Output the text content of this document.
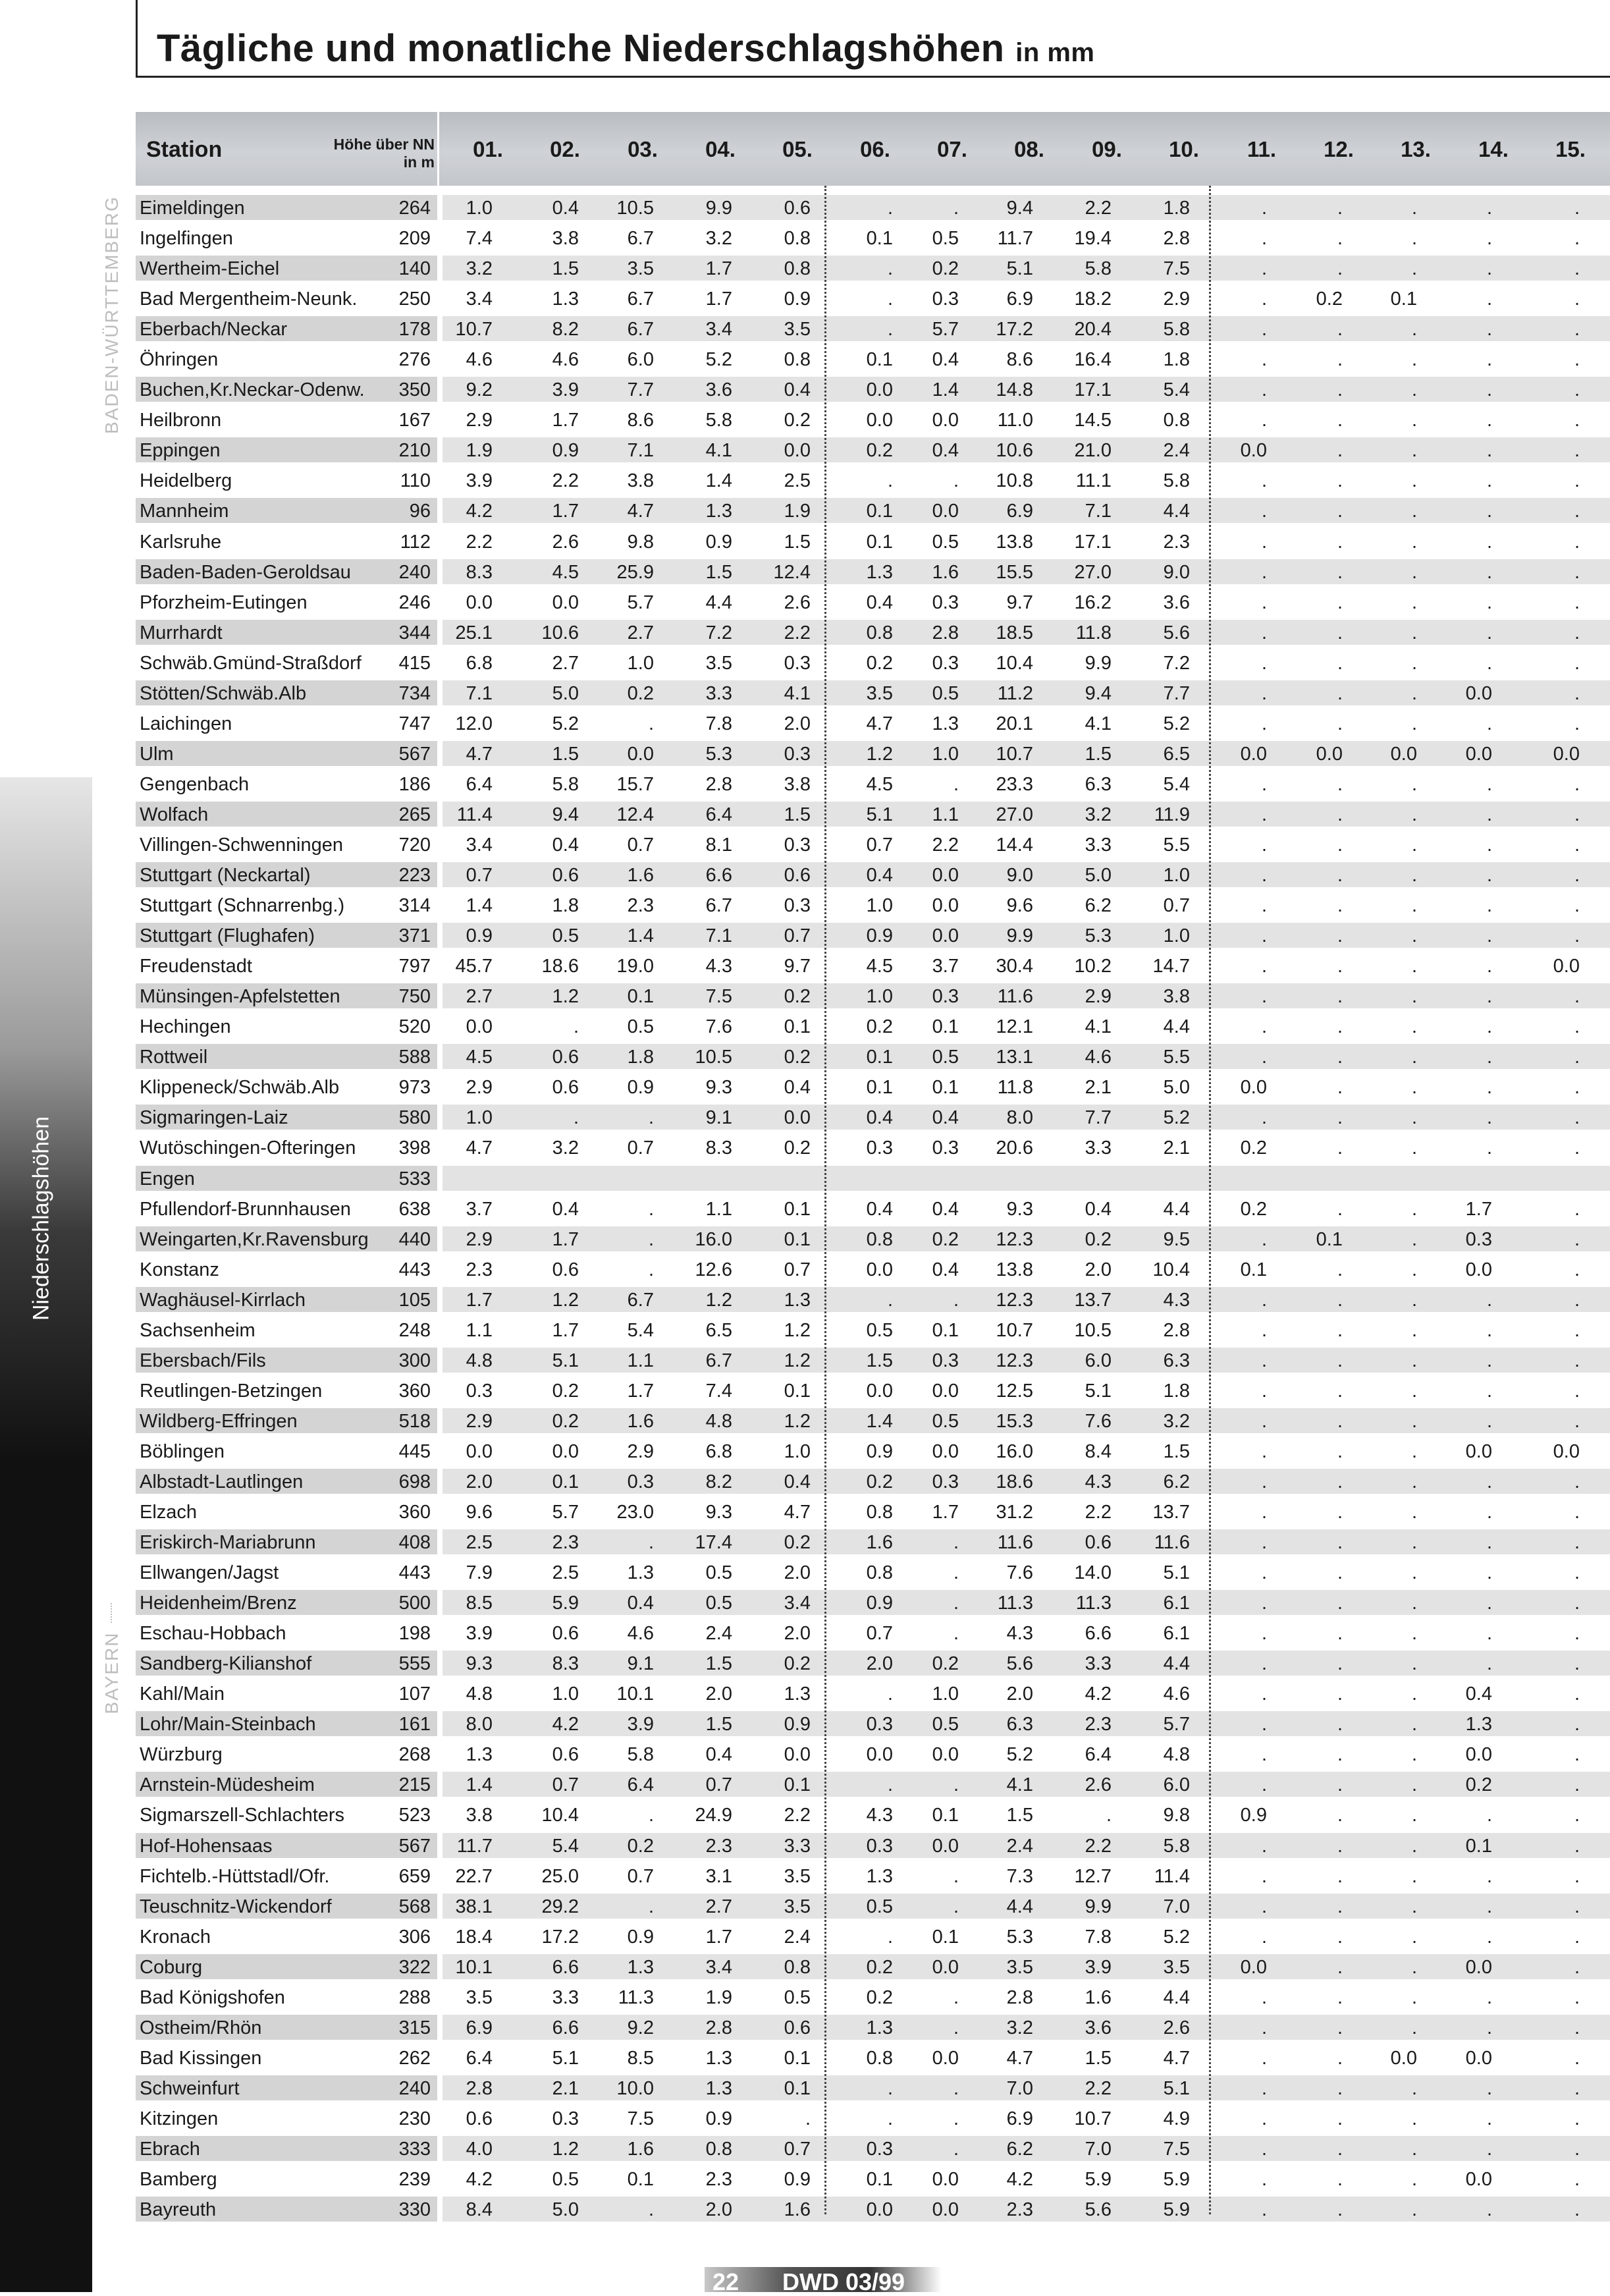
Tägliche und monatliche Niederschlagshöhen in mm
Niederschlagshöhen
BADEN-WÜRTTEMBERG
BAYERN
Station	Höhe über NN
in m
01. 02. 03. 04. 05. 06. 07. 08. 09. 10. 11. 12. 13. 14. 15.
Eimeldingen	264	1.0	0.4	10.5	9.9	0.6	.	.	9.4	2.2	1.8	.	.	.	.	.
Ingelfingen	209	7.4	3.8	6.7	3.2	0.8	0.1	0.5	11.7	19.4	2.8	.	.	.	.	.
Wertheim-Eichel	140	3.2	1.5	3.5	1.7	0.8	.	0.2	5.1	5.8	7.5	.	.	.	.	.
Bad Mergentheim-Neunk. 250	3.4	1.3	6.7	1.7	0.9	.	0.3	6.9	18.2	2.9	.	0.2	0.1	.	.
Eberbach/Neckar	178	10.7	8.2	6.7	3.4	3.5	.	5.7	17.2	20.4	5.8	.	.	.	.	.
Öhringen	276	4.6	4.6	6.0	5.2	0.8	0.1	0.4	8.6	16.4	1.8	.	.	.	.	.
Buchen,Kr.Neckar-Odenw. 350	9.2	3.9	7.7	3.6	0.4	0.0	1.4	14.8	17.1	5.4	.	.	.	.	.
Heilbronn	167	2.9	1.7	8.6	5.8	0.2	0.0	0.0	11.0	14.5	0.8	.	.	.	.	.
Eppingen	210	1.9	0.9	7.1	4.1	0.0	0.2	0.4	10.6	21.0	2.4	0.0	.	.	.	.
Heidelberg	110	3.9	2.2	3.8	1.4	2.5	.	.	10.8	11.1	5.8	.	.	.	.	.
Mannheim	96	4.2	1.7	4.7	1.3	1.9	0.1	0.0	6.9	7.1	4.4	.	.	.	.	.
Karlsruhe	112	2.2	2.6	9.8	0.9	1.5	0.1	0.5	13.8	17.1	2.3	.	.	.	.	.
Baden-Baden-Geroldsau	240	8.3	4.5	25.9	1.5	12.4	1.3	1.6	15.5	27.0	9.0	.	.	.	.	.
Pforzheim-Eutingen	246	0.0	0.0	5.7	4.4	2.6	0.4	0.3	9.7	16.2	3.6	.	.	.	.	.
Murrhardt	344	25.1	10.6	2.7	7.2	2.2	0.8	2.8	18.5	11.8	5.6	.	.	.	.	.
Schwäb.Gmünd-Straßdorf 415	6.8	2.7	1.0	3.5	0.3	0.2	0.3	10.4	9.9	7.2	.	.	.	.	.
Stötten/Schwäb.Alb	734	7.1	5.0	0.2	3.3	4.1	3.5	0.5	11.2	9.4	7.7	.	.	.	0.0	.
Laichingen	747	12.0	5.2	.	7.8	2.0	4.7	1.3	20.1	4.1	5.2	.	.	.	.	.
Ulm	567	4.7	1.5	0.0	5.3	0.3	1.2	1.0	10.7	1.5	6.5	0.0	0.0	0.0	0.0	0.0
Gengenbach	186	6.4	5.8	15.7	2.8	3.8	4.5	.	23.3	6.3	5.4	.	.	.	.	.
Wolfach	265	11.4	9.4	12.4	6.4	1.5	5.1	1.1	27.0	3.2	11.9	.	.	.	.	.
Villingen-Schwenningen	720	3.4	0.4	0.7	8.1	0.3	0.7	2.2	14.4	3.3	5.5	.	.	.	.	.
Stuttgart (Neckartal)	223	0.7	0.6	1.6	6.6	0.6	0.4	0.0	9.0	5.0	1.0	.	.	.	.	.
Stuttgart (Schnarrenbg.)	314	1.4	1.8	2.3	6.7	0.3	1.0	0.0	9.6	6.2	0.7	.	.	.	.	.
Stuttgart (Flughafen)	371	0.9	0.5	1.4	7.1	0.7	0.9	0.0	9.9	5.3	1.0	.	.	.	.	.
Freudenstadt	797	45.7	18.6	19.0	4.3	9.7	4.5	3.7	30.4	10.2	14.7	.	.	.	.	0.0
Münsingen-Apfelstetten	750	2.7	1.2	0.1	7.5	0.2	1.0	0.3	11.6	2.9	3.8	.	.	.	.	.
Hechingen	520	0.0	.	0.5	7.6	0.1	0.2	0.1	12.1	4.1	4.4	.	.	.	.	.
Rottweil	588	4.5	0.6	1.8	10.5	0.2	0.1	0.5	13.1	4.6	5.5	.	.	.	.	.
Klippeneck/Schwäb.Alb	973	2.9	0.6	0.9	9.3	0.4	0.1	0.1	11.8	2.1	5.0	0.0	.	.	.	.
Sigmaringen-Laiz	580	1.0	.	.	9.1	0.0	0.4	0.4	8.0	7.7	5.2	.	.	.	.	.
Wutöschingen-Ofteringen 398	4.7	3.2	0.7	8.3	0.2	0.3	0.3	20.6	3.3	2.1	0.2	.	.	.	.
Engen	533
Pfullendorf-Brunnhausen	638	3.7	0.4	.	1.1	0.1	0.4	0.4	9.3	0.4	4.4	0.2	.	.	1.7	.
Weingarten,Kr.Ravensburg 440	2.9	1.7	.	16.0	0.1	0.8	0.2	12.3	0.2	9.5	.	0.1	.	0.3	.
Konstanz	443	2.3	0.6	.	12.6	0.7	0.0	0.4	13.8	2.0	10.4	0.1	.	.	0.0	.
Waghäusel-Kirrlach	105	1.7	1.2	6.7	1.2	1.3	.	.	12.3	13.7	4.3	.	.	.	.	.
Sachsenheim	248	1.1	1.7	5.4	6.5	1.2	0.5	0.1	10.7	10.5	2.8	.	.	.	.	.
Ebersbach/Fils	300	4.8	5.1	1.1	6.7	1.2	1.5	0.3	12.3	6.0	6.3	.	.	.	.	.
Reutlingen-Betzingen	360	0.3	0.2	1.7	7.4	0.1	0.0	0.0	12.5	5.1	1.8	.	.	.	.	.
Wildberg-Effringen	518	2.9	0.2	1.6	4.8	1.2	1.4	0.5	15.3	7.6	3.2	.	.	.	.	.
Böblingen	445	0.0	0.0	2.9	6.8	1.0	0.9	0.0	16.0	8.4	1.5	.	.	.	0.0	0.0
Albstadt-Lautlingen	698	2.0	0.1	0.3	8.2	0.4	0.2	0.3	18.6	4.3	6.2	.	.	.	.	.
Elzach	360	9.6	5.7	23.0	9.3	4.7	0.8	1.7	31.2	2.2	13.7	.	.	.	.	.
Eriskirch-Mariabrunn	408	2.5	2.3	.	17.4	0.2	1.6	.	11.6	0.6	11.6	.	.	.	.	.
Ellwangen/Jagst	443	7.9	2.5	1.3	0.5	2.0	0.8	.	7.6	14.0	5.1	.	.	.	.	.
Heidenheim/Brenz	500	8.5	5.9	0.4	0.5	3.4	0.9	.	11.3	11.3	6.1	.	.	.	.	.
Eschau-Hobbach	198	3.9	0.6	4.6	2.4	2.0	0.7	.	4.3	6.6	6.1	.	.	.	.	.
Sandberg-Kilianshof	555	9.3	8.3	9.1	1.5	0.2	2.0	0.2	5.6	3.3	4.4	.	.	.	.	.
Kahl/Main	107	4.8	1.0	10.1	2.0	1.3	.	1.0	2.0	4.2	4.6	.	.	.	0.4	.
Lohr/Main-Steinbach	161	8.0	4.2	3.9	1.5	0.9	0.3	0.5	6.3	2.3	5.7	.	.	.	1.3	.
Würzburg	268	1.3	0.6	5.8	0.4	0.0	0.0	0.0	5.2	6.4	4.8	.	.	.	0.0	.
Arnstein-Müdesheim	215	1.4	0.7	6.4	0.7	0.1	.	.	4.1	2.6	6.0	.	.	.	0.2	.
Sigmarszell-Schlachters	523	3.8	10.4	.	24.9	2.2	4.3	0.1	1.5	.	9.8	0.9	.	.	.	.
Hof-Hohensaas	567	11.7	5.4	0.2	2.3	3.3	0.3	0.0	2.4	2.2	5.8	.	.	.	0.1	.
Fichtelb.-Hüttstadl/Ofr.	659	22.7	25.0	0.7	3.1	3.5	1.3	.	7.3	12.7	11.4	.	.	.	.	.
Teuschnitz-Wickendorf	568	38.1	29.2	.	2.7	3.5	0.5	.	4.4	9.9	7.0	.	.	.	.	.
Kronach	306	18.4	17.2	0.9	1.7	2.4	.	0.1	5.3	7.8	5.2	.	.	.	.	.
Coburg	322	10.1	6.6	1.3	3.4	0.8	0.2	0.0	3.5	3.9	3.5	0.0	.	.	0.0	.
Bad Königshofen	288	3.5	3.3	11.3	1.9	0.5	0.2	.	2.8	1.6	4.4	.	.	.	.	.
Ostheim/Rhön	315	6.9	6.6	9.2	2.8	0.6	1.3	.	3.2	3.6	2.6	.	.	.	.	.
Bad Kissingen	262	6.4	5.1	8.5	1.3	0.1	0.8	0.0	4.7	1.5	4.7	.	.	0.0	0.0	.
Schweinfurt	240	2.8	2.1	10.0	1.3	0.1	.	.	7.0	2.2	5.1	.	.	.	.	.
Kitzingen	230	0.6	0.3	7.5	0.9	.	.	.	6.9	10.7	4.9	.	.	.	.	.
Ebrach	333	4.0	1.2	1.6	0.8	0.7	0.3	.	6.2	7.0	7.5	.	.	.	.	.
Bamberg	239	4.2	0.5	0.1	2.3	0.9	0.1	0.0	4.2	5.9	5.9	.	.	.	0.0	.
Bayreuth	330	8.4	5.0	.	2.0	1.6	0.0	0.0	2.3	5.6	5.9	.	.	.	.	.
22 DWD 03/99
